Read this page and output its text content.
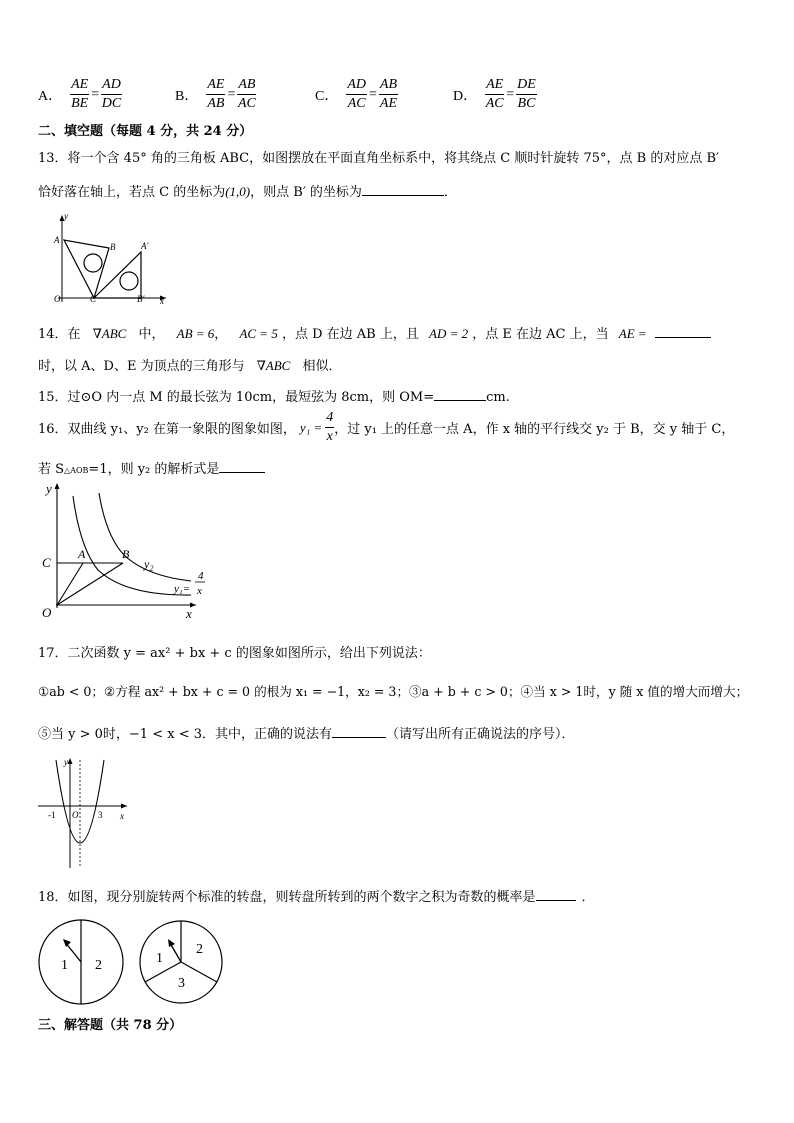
A． $\frac{AE}{BE} = \frac{AD}{DC}$	B． $\frac{AE}{AB} = \frac{AB}{AC}$	C． $\frac{AD}{AC} = \frac{AB}{AE}$	D． $\frac{AE}{AC} = \frac{DE}{BC}$
二、填空题（每题 4 分，共 24 分）
13．将一个含 45° 角的三角板 ABC，如图摆放在平面直角坐标系中，将其绕点 C 顺时针旋转 75°，点 B 的对应点 B′
恰好落在轴上，若点 C 的坐标为(1,0)，则点 B′ 的坐标为	．
y
x
A
B	A′
O	C	B′
14．在 ∇ABC 中， AB = 6， AC = 5 ，点 D 在边 AB 上，且 AD = 2 ，点 E 在边 AC 上，当 AE =
时，以 A、D、E 为顶点的三角形与 ∇ABC 相似．
15．过⊙O 内一点 M 的最长弦为 10cm，最短弦为 8cm，则 OM=	cm.
16．双曲线 y₁、y₂ 在第一象限的图象如图， $y_1 = \frac{4}{x}$ ，过 y₁ 上的任意一点 A，作 x 轴的平行线交 y₂ 于 B，交 y 轴于 C，
若 S△AOB=1，则 y₂ 的解析式是
y
x
C
O
A	B
y₂
y₁=
4
x
17．二次函数 y = ax² + bx + c 的图象如图所示，给出下列说法：
①ab < 0；②方程 ax² + bx + c = 0 的根为 x₁ = −1，x₂ = 3；③a + b + c > 0；④当 x > 1时，y 随 x 值的增大而增大；
⑤当 y > 0时，−1 < x < 3．其中，正确的说法有	（请写出所有正确说法的序号）．
y
x
-1 O 3
18．如图，现分别旋转两个标准的转盘，则转盘所转到的两个数字之积为奇数的概率是	．
1 2	1
2
3
三、解答题（共 78 分）
